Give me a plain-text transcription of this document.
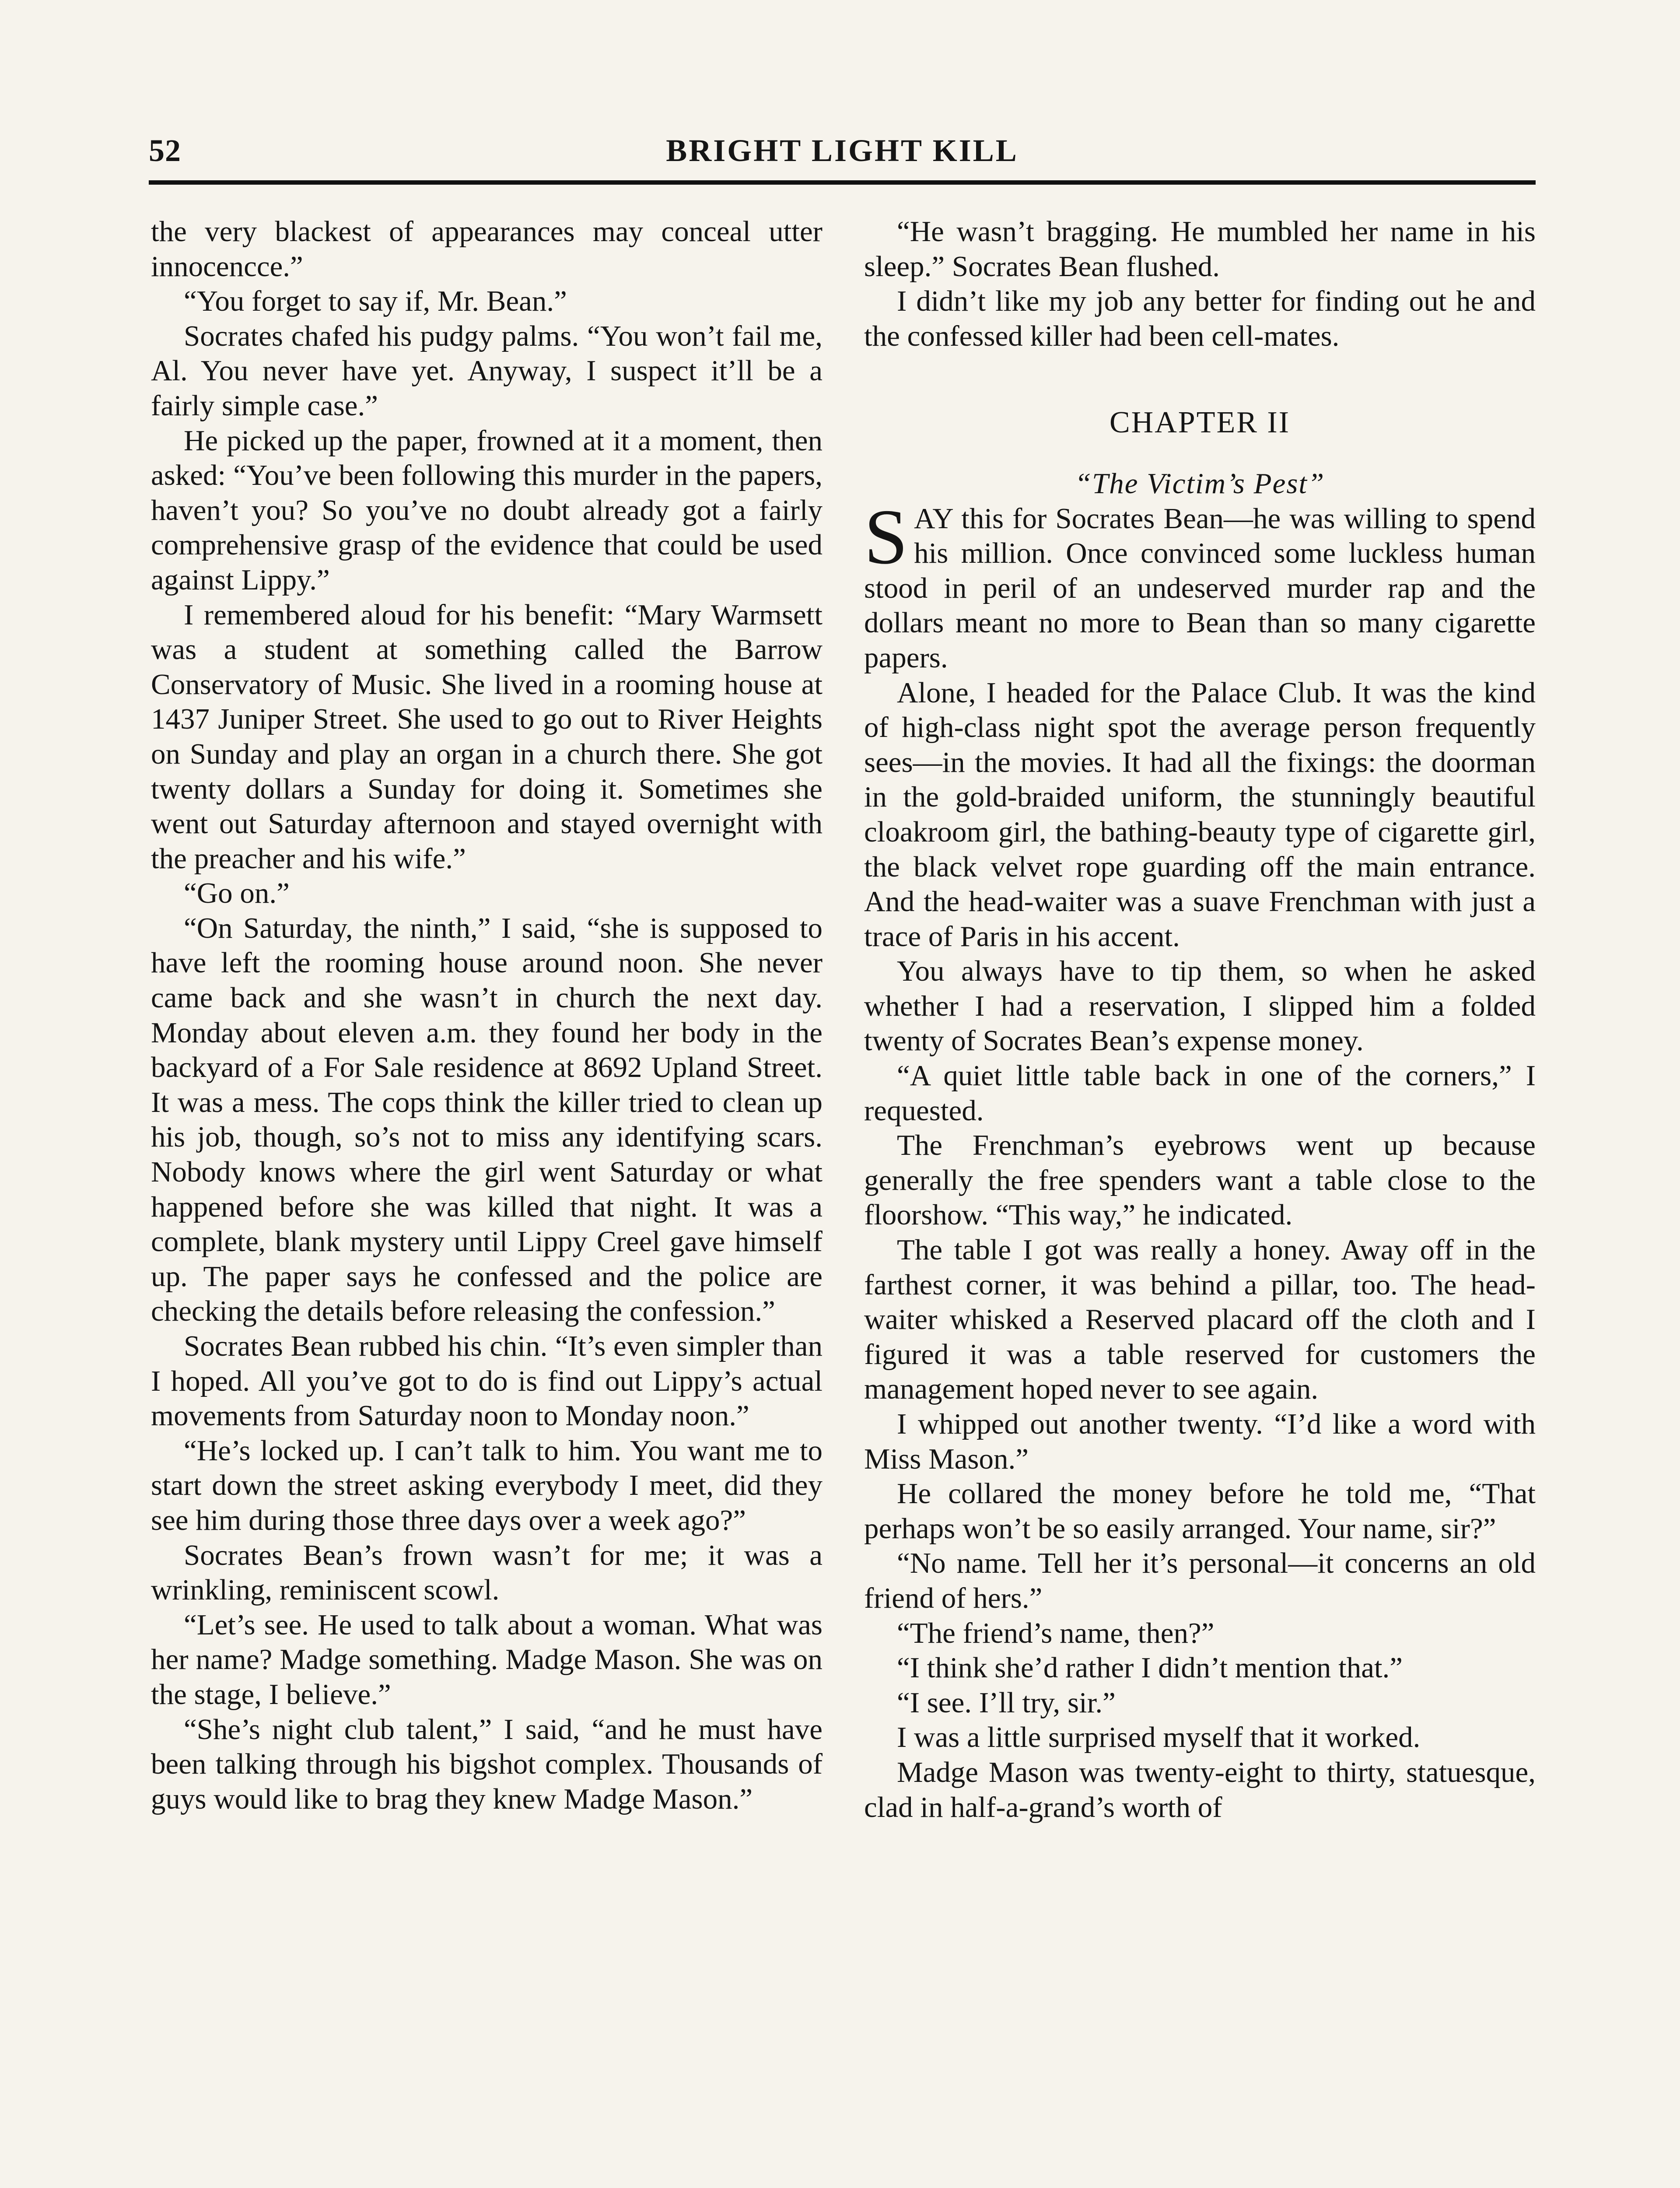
52	BRIGHT LIGHT KILL

the very blackest of appearances may conceal utter innocencce.”

“You forget to say if, Mr. Bean.”

Socrates chafed his pudgy palms. “You won’t fail me, Al. You never have yet. Anyway, I suspect it’ll be a fairly simple case.”

He picked up the paper, frowned at it a moment, then asked: “You’ve been following this murder in the papers, haven’t you? So you’ve no doubt already got a fairly comprehensive grasp of the evidence that could be used against Lippy.”

I remembered aloud for his benefit: “Mary Warmsett was a student at something called the Barrow Conservatory of Music. She lived in a rooming house at 1437 Juniper Street. She used to go out to River Heights on Sunday and play an organ in a church there. She got twenty dollars a Sunday for doing it. Sometimes she went out Saturday afternoon and stayed overnight with the preacher and his wife.”

“Go on.”

“On Saturday, the ninth,” I said, “she is supposed to have left the rooming house around noon. She never came back and she wasn’t in church the next day. Monday about eleven a.m. they found her body in the backyard of a For Sale residence at 8692 Upland Street. It was a mess. The cops think the killer tried to clean up his job, though, so’s not to miss any identifying scars. Nobody knows where the girl went Saturday or what happened before she was killed that night. It was a complete, blank mystery until Lippy Creel gave himself up. The paper says he confessed and the police are checking the details before releasing the confession.”

Socrates Bean rubbed his chin. “It’s even simpler than I hoped. All you’ve got to do is find out Lippy’s actual movements from Saturday noon to Monday noon.”

“He’s locked up. I can’t talk to him. You want me to start down the street asking everybody I meet, did they see him during those three days over a week ago?”

Socrates Bean’s frown wasn’t for me; it was a wrinkling, reminiscent scowl.

“Let’s see. He used to talk about a woman. What was her name? Madge something. Madge Mason. She was on the stage, I believe.”

“She’s night club talent,” I said, “and he must have been talking through his bigshot complex. Thousands of guys would like to brag they knew Madge Mason.”

“He wasn’t bragging. He mumbled her name in his sleep.” Socrates Bean flushed.

I didn’t like my job any better for finding out he and the confessed killer had been cell-mates.

CHAPTER II
“The Victim’s Pest”

SAY this for Socrates Bean—he was willing to spend his million. Once convinced some luckless human stood in peril of an undeserved murder rap and the dollars meant no more to Bean than so many cigarette papers.

Alone, I headed for the Palace Club. It was the kind of high-class night spot the average person frequently sees—in the movies. It had all the fixings: the doorman in the gold-braided uniform, the stunningly beautiful cloakroom girl, the bathing-beauty type of cigarette girl, the black velvet rope guarding off the main entrance. And the head-waiter was a suave Frenchman with just a trace of Paris in his accent.

You always have to tip them, so when he asked whether I had a reservation, I slipped him a folded twenty of Socrates Bean’s expense money.

“A quiet little table back in one of the corners,” I requested.

The Frenchman’s eyebrows went up because generally the free spenders want a table close to the floorshow. “This way,” he indicated.

The table I got was really a honey. Away off in the farthest corner, it was behind a pillar, too. The head-waiter whisked a Reserved placard off the cloth and I figured it was a table reserved for customers the management hoped never to see again.

I whipped out another twenty. “I’d like a word with Miss Mason.”

He collared the money before he told me, “That perhaps won’t be so easily arranged. Your name, sir?”

“No name. Tell her it’s personal—it concerns an old friend of hers.”

“The friend’s name, then?”

“I think she’d rather I didn’t mention that.”

“I see. I’ll try, sir.”

I was a little surprised myself that it worked.

Madge Mason was twenty-eight to thirty, statuesque, clad in half-a-grand’s worth of
